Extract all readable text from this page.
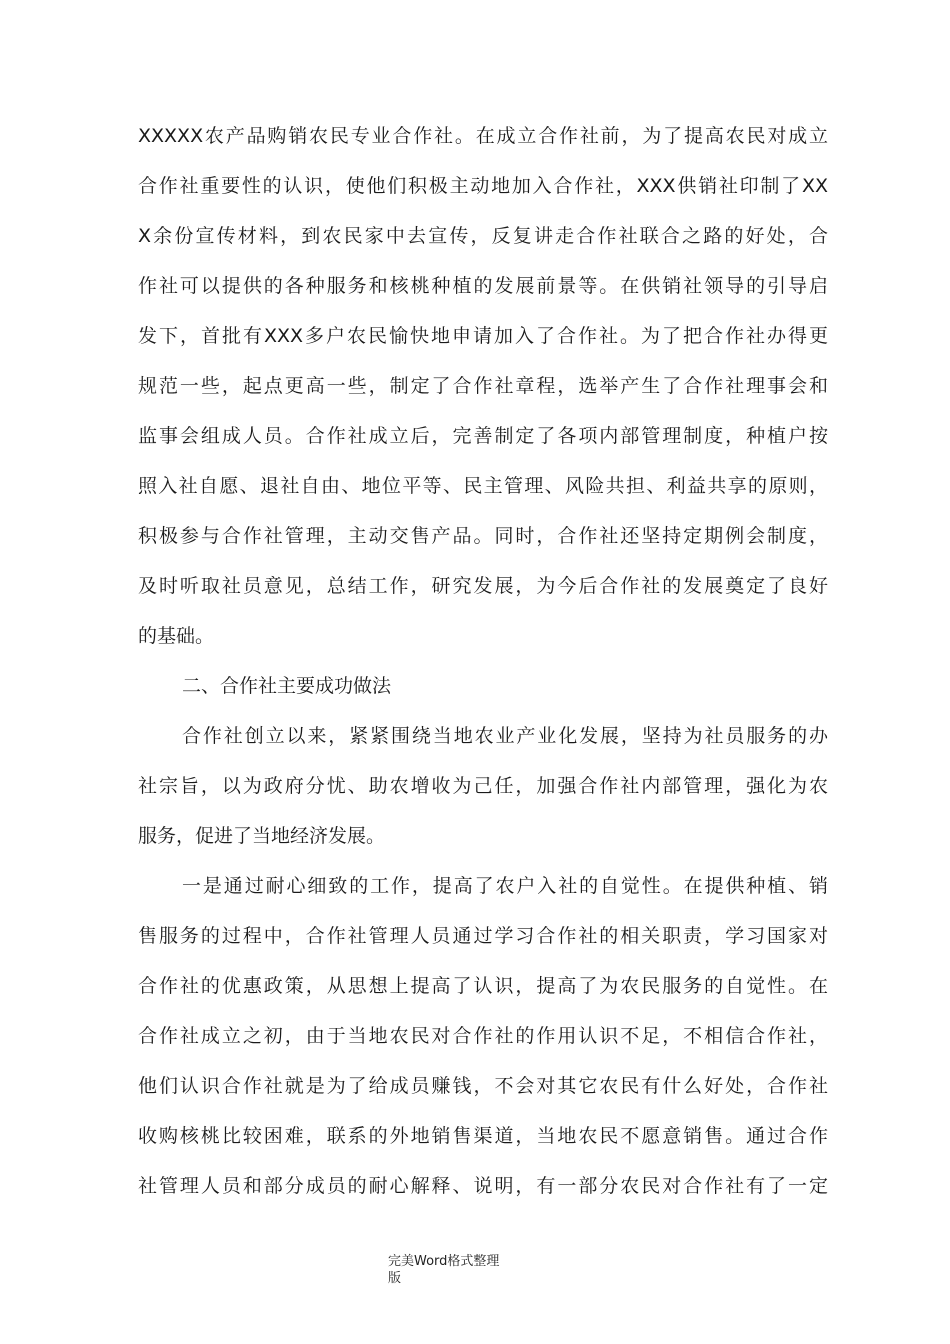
XXXXX农产品购销农民专业合作社。在成立合作社前，为了提高农民对成立
合作社重要性的认识，使他们积极主动地加入合作社，XXX供销社印制了XX
X余份宣传材料，到农民家中去宣传，反复讲走合作社联合之路的好处，合
作社可以提供的各种服务和核桃种植的发展前景等。在供销社领导的引导启
发下，首批有XXX多户农民愉快地申请加入了合作社。为了把合作社办得更
规范一些，起点更高一些，制定了合作社章程，选举产生了合作社理事会和
监事会组成人员。合作社成立后，完善制定了各项内部管理制度，种植户按
照入社自愿、退社自由、地位平等、民主管理、风险共担、利益共享的原则，
积极参与合作社管理，主动交售产品。同时，合作社还坚持定期例会制度，
及时听取社员意见，总结工作，研究发展，为今后合作社的发展奠定了良好
的基础。
二、合作社主要成功做法
合作社创立以来，紧紧围绕当地农业产业化发展，坚持为社员服务的办
社宗旨，以为政府分忧、助农增收为己任，加强合作社内部管理，强化为农
服务，促进了当地经济发展。
一是通过耐心细致的工作，提高了农户入社的自觉性。在提供种植、销
售服务的过程中，合作社管理人员通过学习合作社的相关职责，学习国家对
合作社的优惠政策，从思想上提高了认识，提高了为农民服务的自觉性。在
合作社成立之初，由于当地农民对合作社的作用认识不足，不相信合作社，
他们认识合作社就是为了给成员赚钱，不会对其它农民有什么好处，合作社
收购核桃比较困难，联系的外地销售渠道，当地农民不愿意销售。通过合作
社管理人员和部分成员的耐心解释、说明，有一部分农民对合作社有了一定
完美Word格式整理
版
